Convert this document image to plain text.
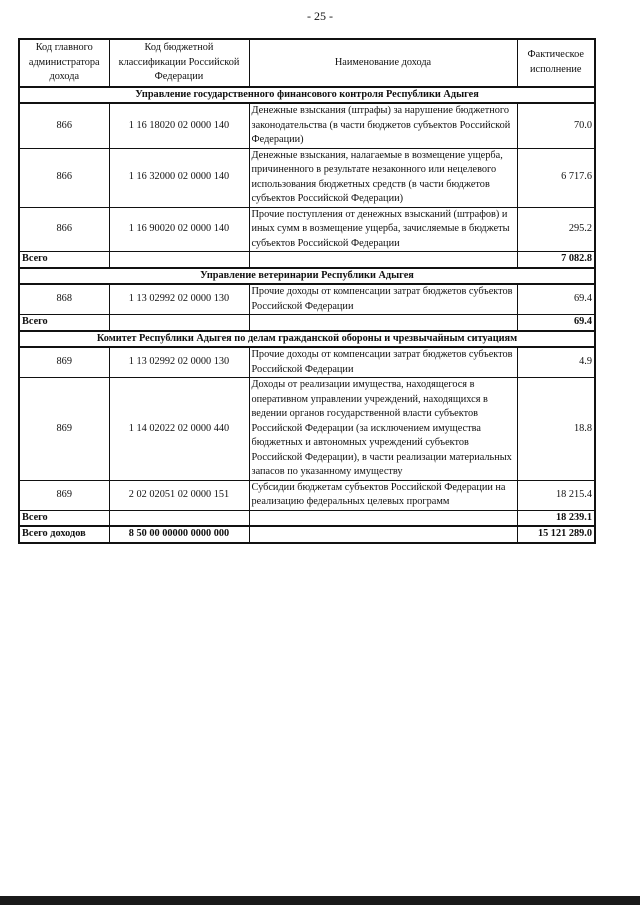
- 25 -
Код главного администратора дохода	Код бюджетной классификации Российской Федерации	Наименование дохода	Фактическое исполнение
Управление государственного финансового контроля Республики Адыгея			
866	1 16 18020 02 0000 140	Денежные взыскания (штрафы) за нарушение бюджетного законодательства (в части бюджетов субъектов Российской Федерации)	70.0
866	1 16 32000 02 0000 140	Денежные взыскания, налагаемые в возмещение ущерба, причиненного в результате незаконного или нецелевого использования бюджетных средств (в части бюджетов субъектов Российской Федерации)	6 717.6
866	1 16 90020 02 0000 140	Прочие поступления от денежных взысканий (штрафов) и иных сумм в возмещение ущерба, зачисляемые в бюджеты субъектов Российской Федерации	295.2
Всего			7 082.8
Управление ветеринарии Республики Адыгея			
868	1 13 02992 02 0000 130	Прочие доходы от компенсации затрат бюджетов субъектов Российской Федерации	69.4
Всего			69.4
Комитет Республики Адыгея по делам гражданской обороны и чрезвычайным ситуациям			
869	1 13 02992 02 0000 130	Прочие доходы от компенсации затрат бюджетов субъектов Российской Федерации	4.9
869	1 14 02022 02 0000 440	Доходы от реализации имущества, находящегося в оперативном управлении учреждений, находящихся в ведении органов государственной власти субъектов Российской Федерации (за исключением имущества бюджетных и автономных учреждений субъектов Российской Федерации), в части реализации материальных запасов по указанному имуществу	18.8
869	2 02 02051 02 0000 151	Субсидии бюджетам субъектов Российской Федерации на реализацию федеральных целевых программ	18 215.4
Всего			18 239.1
Всего доходов	8 50 00 00000 0000 000		15 121 289.0
